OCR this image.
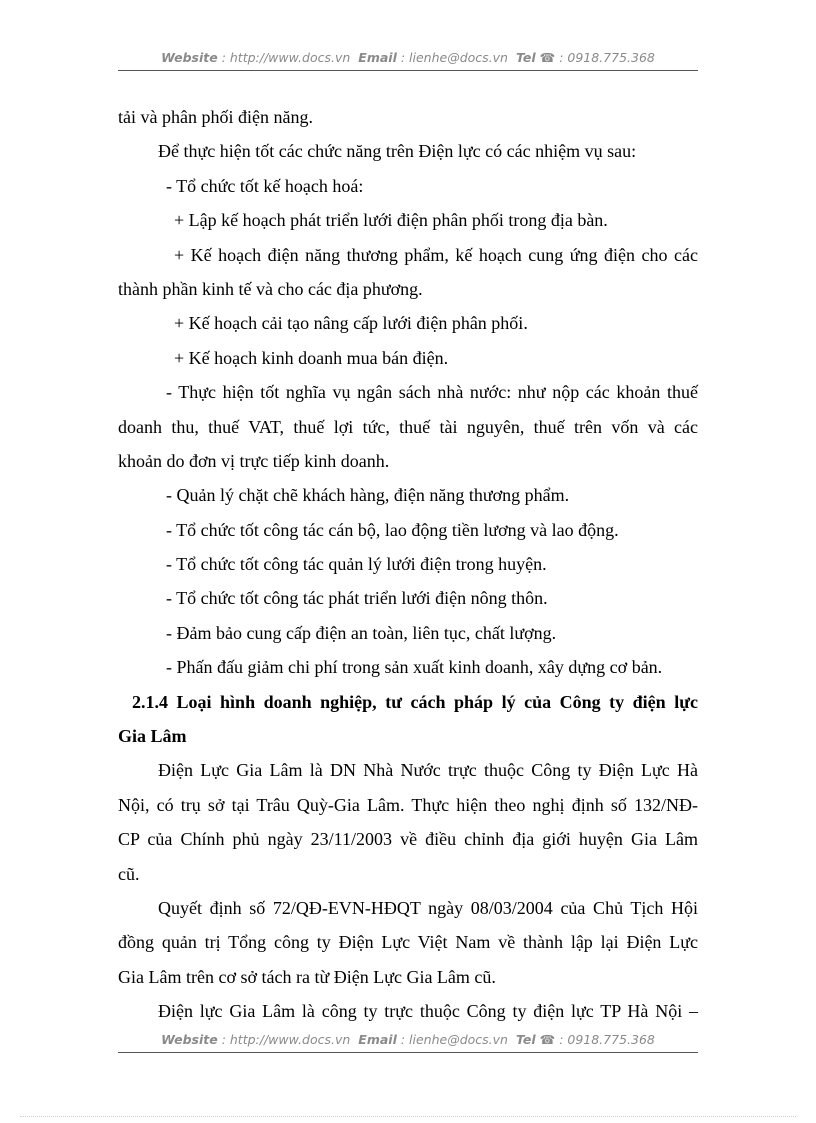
Website : http://www.docs.vn Email : lienhe@docs.vn Tel ☎ : 0918.775.368
tải và phân phối điện năng.
Để thực hiện tốt các chức năng trên Điện lực có các nhiệm vụ sau:
- Tổ chức tốt kế hoạch hoá:
+ Lập kế hoạch phát triển lưới điện phân phối trong địa bàn.
+ Kế hoạch điện năng thương phẩm, kế hoạch cung ứng điện cho các
thành phần kinh tế và cho các địa phương.
+ Kế hoạch cải tạo nâng cấp lưới điện phân phối.
+ Kế hoạch kinh doanh mua bán điện.
- Thực hiện tốt nghĩa vụ ngân sách nhà nước: như nộp các khoản thuế
doanh thu, thuế VAT, thuế lợi tức, thuế tài nguyên, thuế trên vốn và các
khoản do đơn vị trực tiếp kinh doanh.
- Quản lý chặt chẽ khách hàng, điện năng thương phẩm.
- Tổ chức tốt công tác cán bộ, lao động tiền lương và lao động.
- Tổ chức tốt công tác quản lý lưới điện trong huyện.
- Tổ chức tốt công tác phát triển lưới điện nông thôn.
- Đảm bảo cung cấp điện an toàn, liên tục, chất lượng.
- Phấn đấu giảm chi phí trong sản xuất kinh doanh, xây dựng cơ bản.
2.1.4 Loại hình doanh nghiệp, tư cách pháp lý của Công ty điện lực
Gia Lâm
Điện Lực Gia Lâm là DN Nhà Nước trực thuộc Công ty Điện Lực Hà
Nội, có trụ sở tại Trâu Quỳ-Gia Lâm. Thực hiện theo nghị định số 132/NĐ-
CP của Chính phủ ngày 23/11/2003 về điều chỉnh địa giới huyện Gia Lâm
cũ.
Quyết định số 72/QĐ-EVN-HĐQT ngày 08/03/2004 của Chủ Tịch Hội
đồng quản trị Tổng công ty Điện Lực Việt Nam về thành lập lại Điện Lực
Gia Lâm trên cơ sở tách ra từ Điện Lực Gia Lâm cũ.
Điện lực Gia Lâm là công ty trực thuộc Công ty điện lực TP Hà Nội –
Website : http://www.docs.vn Email : lienhe@docs.vn Tel ☎ : 0918.775.368
